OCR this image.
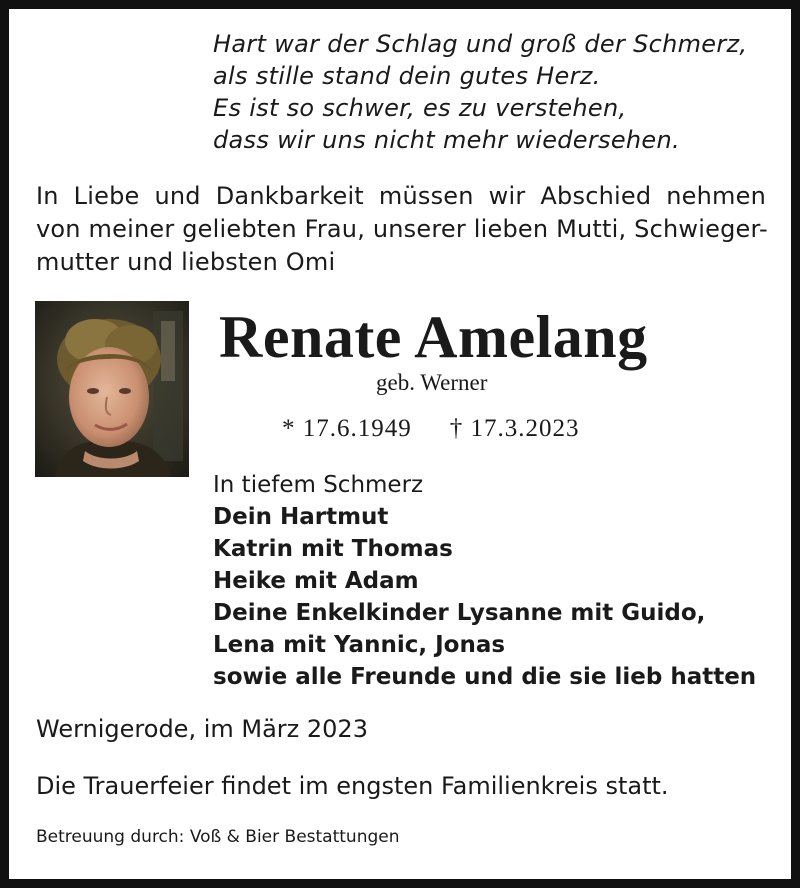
Hart war der Schlag und groß der Schmerz,
als stille stand dein gutes Herz.
Es ist so schwer, es zu verstehen,
dass wir uns nicht mehr wiedersehen.
In Liebe und Dankbarkeit müssen wir Abschied nehmen
von meiner geliebten Frau, unserer lieben Mutti, Schwieger-
mutter und liebsten Omi
Renate Amelang
geb. Werner
* 17.6.1949 † 17.3.2023
In tiefem Schmerz
Dein Hartmut
Katrin mit Thomas
Heike mit Adam
Deine Enkelkinder Lysanne mit Guido,
Lena mit Yannic, Jonas
sowie alle Freunde und die sie lieb hatten
Wernigerode, im März 2023
Die Trauerfeier findet im engsten Familienkreis statt.
Betreuung durch: Voß & Bier Bestattungen
